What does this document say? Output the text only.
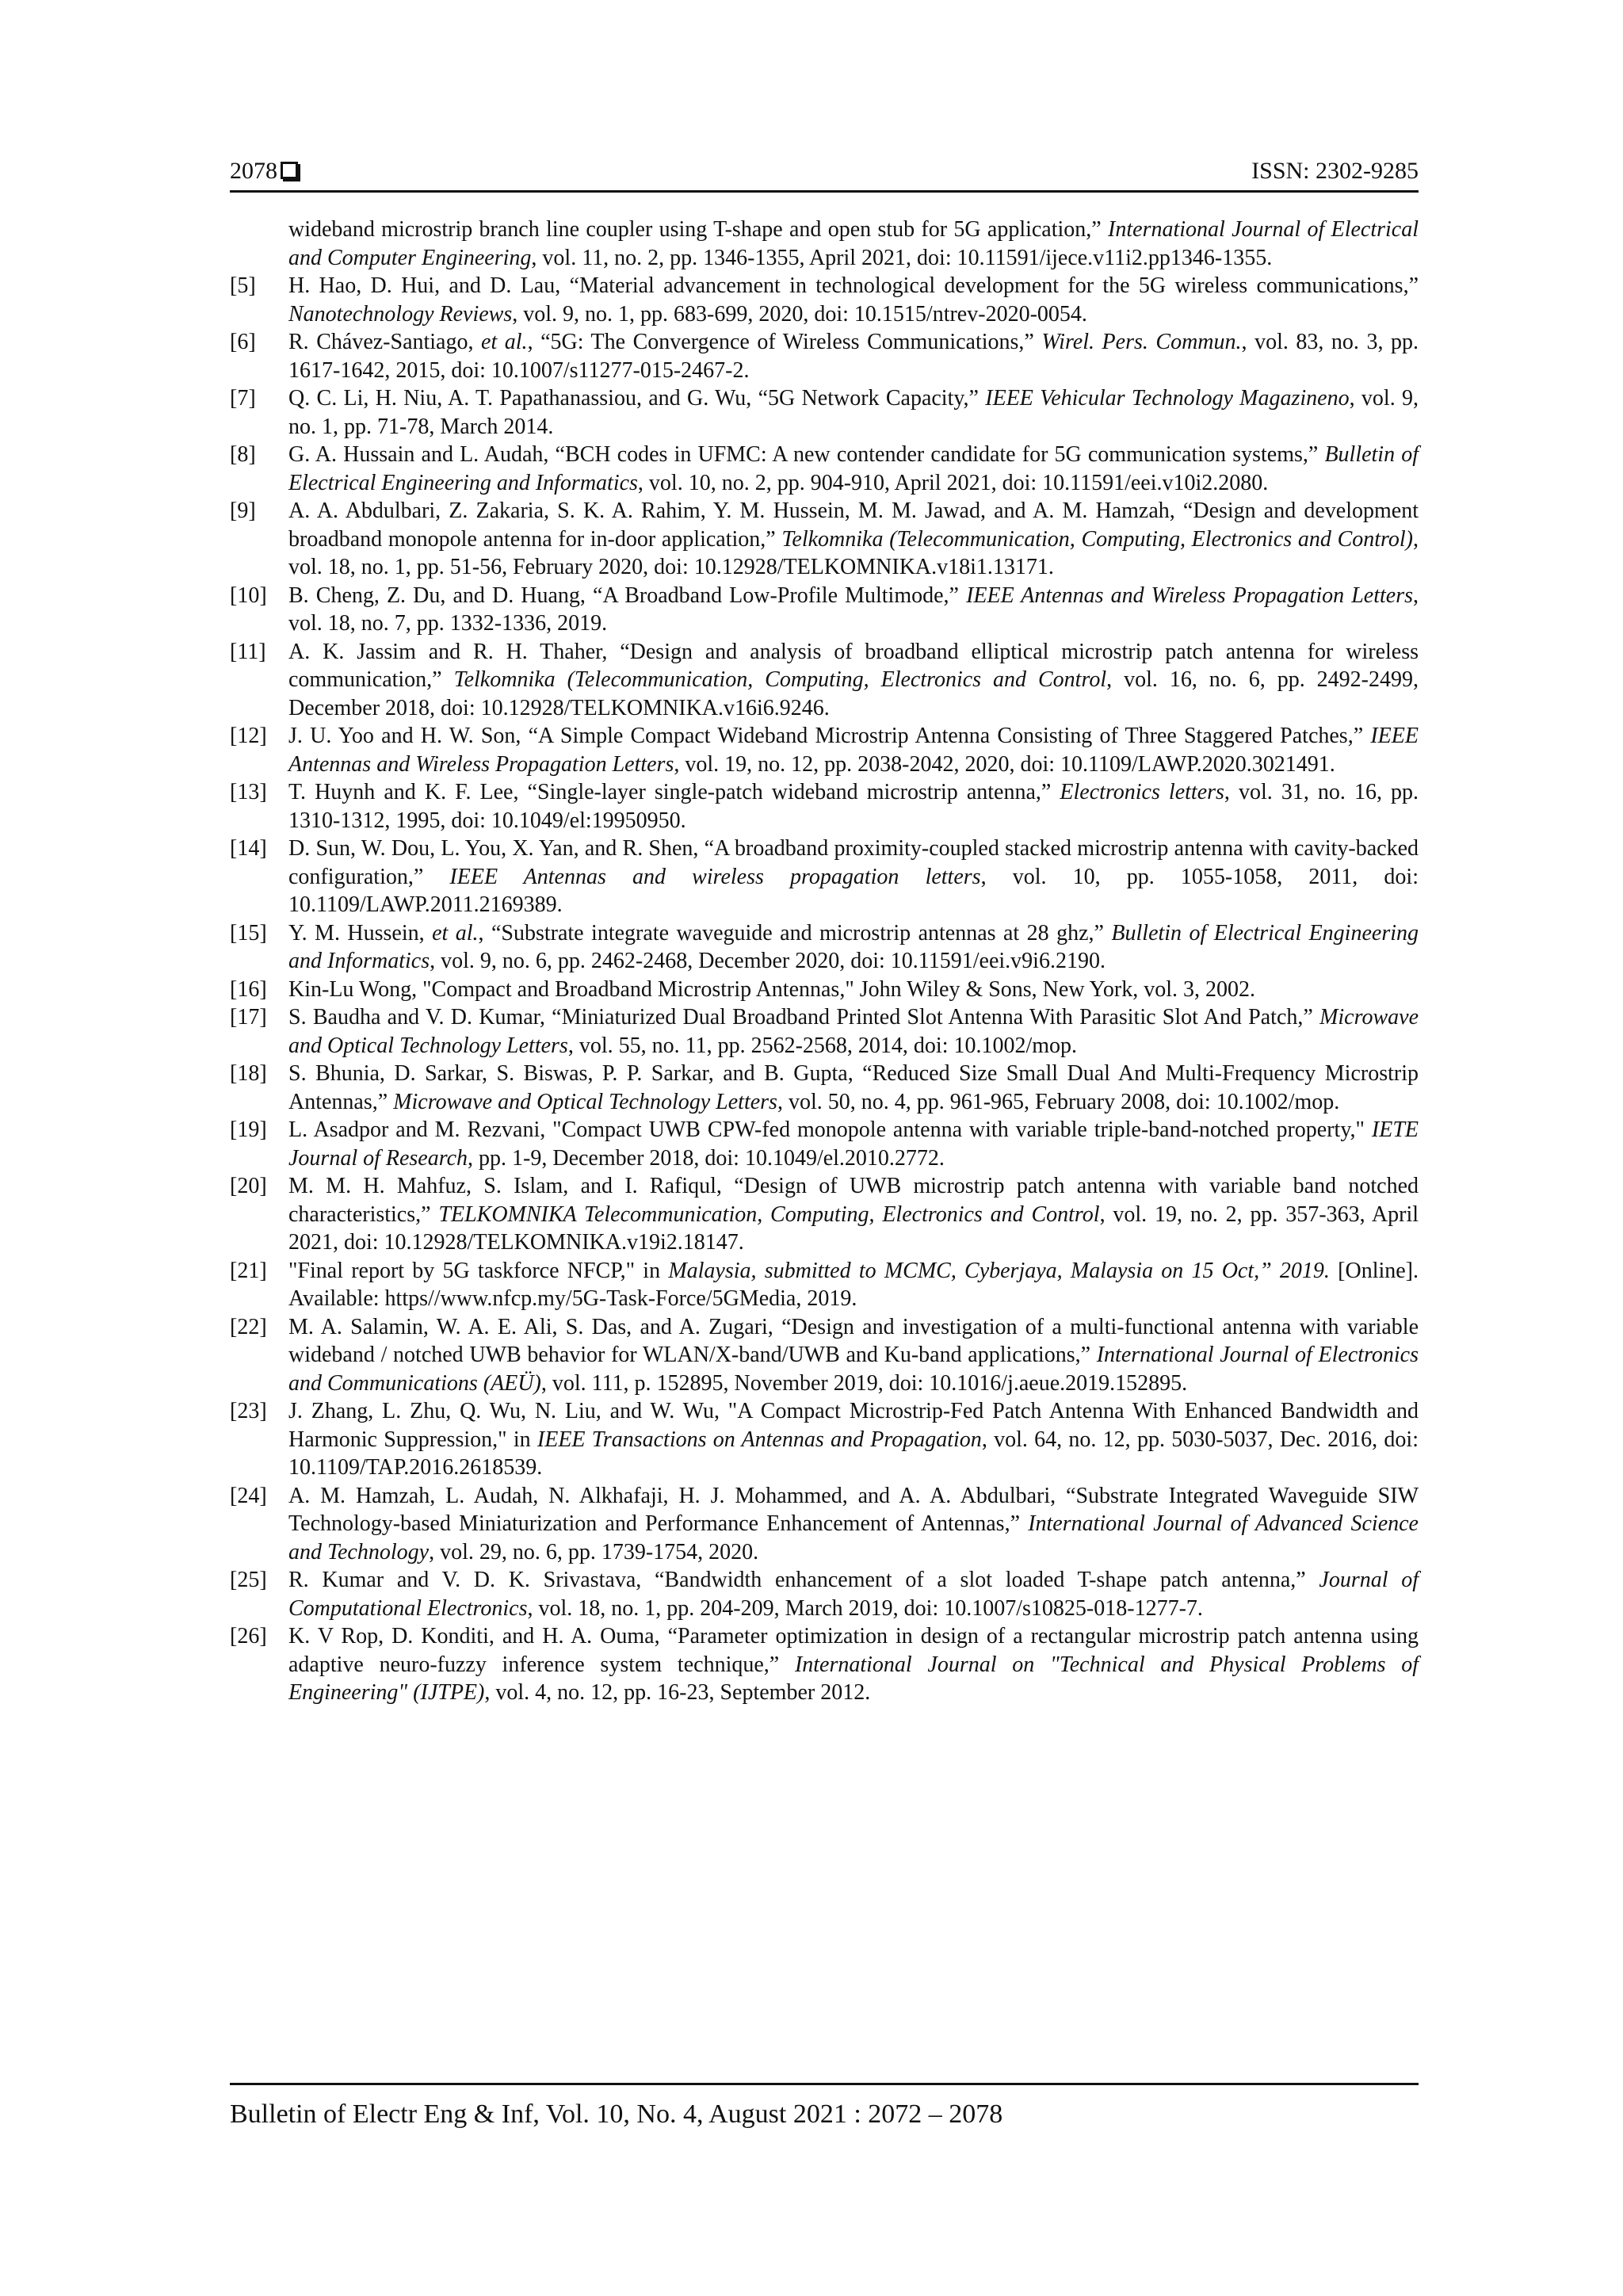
2078	ISSN: 2302-9285
wideband microstrip branch line coupler using T-shape and open stub for 5G application,” International Journal of Electrical and Computer Engineering, vol. 11, no. 2, pp. 1346-1355, April 2021, doi: 10.11591/ijece.v11i2.pp1346-1355.
[5]	H. Hao, D. Hui, and D. Lau, “Material advancement in technological development for the 5G wireless communications,” Nanotechnology Reviews, vol. 9, no. 1, pp. 683-699, 2020, doi: 10.1515/ntrev-2020-0054.
[6]	R. Chávez-Santiago, et al., “5G: The Convergence of Wireless Communications,” Wirel. Pers. Commun., vol. 83, no. 3, pp. 1617-1642, 2015, doi: 10.1007/s11277-015-2467-2.
[7]	Q. C. Li, H. Niu, A. T. Papathanassiou, and G. Wu, “5G Network Capacity,” IEEE Vehicular Technology Magazineno, vol. 9, no. 1, pp. 71-78, March 2014.
[8]	G. A. Hussain and L. Audah, “BCH codes in UFMC: A new contender candidate for 5G communication systems,” Bulletin of Electrical Engineering and Informatics, vol. 10, no. 2, pp. 904-910, April 2021, doi: 10.11591/eei.v10i2.2080.
[9]	A. A. Abdulbari, Z. Zakaria, S. K. A. Rahim, Y. M. Hussein, M. M. Jawad, and A. M. Hamzah, “Design and development broadband monopole antenna for in-door application,” Telkomnika (Telecommunication, Computing, Electronics and Control), vol. 18, no. 1, pp. 51-56, February 2020, doi: 10.12928/TELKOMNIKA.v18i1.13171.
[10] B. Cheng, Z. Du, and D. Huang, “A Broadband Low-Profile Multimode,” IEEE Antennas and Wireless Propagation Letters, vol. 18, no. 7, pp. 1332-1336, 2019.
[11]	A. K. Jassim and R. H. Thaher, “Design and analysis of broadband elliptical microstrip patch antenna for wireless communication,” Telkomnika (Telecommunication, Computing, Electronics and Control, vol. 16, no. 6, pp. 2492-2499, December 2018, doi: 10.12928/TELKOMNIKA.v16i6.9246.
[12] J. U. Yoo and H. W. Son, “A Simple Compact Wideband Microstrip Antenna Consisting of Three Staggered Patches,” IEEE Antennas and Wireless Propagation Letters, vol. 19, no. 12, pp. 2038-2042, 2020, doi: 10.1109/LAWP.2020.3021491.
[13] T. Huynh and K. F. Lee, “Single-layer single-patch wideband microstrip antenna,” Electronics letters, vol. 31, no. 16, pp. 1310-1312, 1995, doi: 10.1049/el:19950950.
[14] D. Sun, W. Dou, L. You, X. Yan, and R. Shen, “A broadband proximity-coupled stacked microstrip antenna with cavity-backed configuration,” IEEE Antennas and wireless propagation letters, vol. 10, pp. 1055-1058, 2011, doi: 10.1109/LAWP.2011.2169389.
[15] Y. M. Hussein, et al., “Substrate integrate waveguide and microstrip antennas at 28 ghz,” Bulletin of Electrical Engineering and Informatics, vol. 9, no. 6, pp. 2462-2468, December 2020, doi: 10.11591/eei.v9i6.2190.
[16] Kin-Lu Wong, "Compact and Broadband Microstrip Antennas," John Wiley & Sons, New York, vol. 3, 2002.
[17] S. Baudha and V. D. Kumar, “Miniaturized Dual Broadband Printed Slot Antenna With Parasitic Slot And Patch,” Microwave and Optical Technology Letters, vol. 55, no. 11, pp. 2562-2568, 2014, doi: 10.1002/mop.
[18] S. Bhunia, D. Sarkar, S. Biswas, P. P. Sarkar, and B. Gupta, “Reduced Size Small Dual And Multi-Frequency Microstrip Antennas,” Microwave and Optical Technology Letters, vol. 50, no. 4, pp. 961-965, February 2008, doi: 10.1002/mop.
[19] L. Asadpor and M. Rezvani, "Compact UWB CPW-fed monopole antenna with variable triple-band-notched property," IETE Journal of Research, pp. 1-9, December 2018, doi: 10.1049/el.2010.2772.
[20] M. M. H. Mahfuz, S. Islam, and I. Rafiqul, “Design of UWB microstrip patch antenna with variable band notched characteristics,” TELKOMNIKA Telecommunication, Computing, Electronics and Control, vol. 19, no. 2, pp. 357-363, April 2021, doi: 10.12928/TELKOMNIKA.v19i2.18147.
[21] "Final report by 5G taskforce NFCP," in Malaysia, submitted to MCMC, Cyberjaya, Malaysia on 15 Oct,” 2019. [Online]. Available: https//www.nfcp.my/5G-Task-Force/5GMedia, 2019.
[22] M. A. Salamin, W. A. E. Ali, S. Das, and A. Zugari, “Design and investigation of a multi-functional antenna with variable wideband / notched UWB behavior for WLAN/X-band/UWB and Ku-band applications,” International Journal of Electronics and Communications (AEÜ), vol. 111, p. 152895, November 2019, doi: 10.1016/j.aeue.2019.152895.
[23] J. Zhang, L. Zhu, Q. Wu, N. Liu, and W. Wu, "A Compact Microstrip-Fed Patch Antenna With Enhanced Bandwidth and Harmonic Suppression," in IEEE Transactions on Antennas and Propagation, vol. 64, no. 12, pp. 5030-5037, Dec. 2016, doi: 10.1109/TAP.2016.2618539.
[24] A. M. Hamzah, L. Audah, N. Alkhafaji, H. J. Mohammed, and A. A. Abdulbari, “Substrate Integrated Waveguide SIW Technology-based Miniaturization and Performance Enhancement of Antennas,” International Journal of Advanced Science and Technology, vol. 29, no. 6, pp. 1739-1754, 2020.
[25] R. Kumar and V. D. K. Srivastava, “Bandwidth enhancement of a slot loaded T-shape patch antenna,” Journal of Computational Electronics, vol. 18, no. 1, pp. 204-209, March 2019, doi: 10.1007/s10825-018-1277-7.
[26] K. V Rop, D. Konditi, and H. A. Ouma, “Parameter optimization in design of a rectangular microstrip patch antenna using adaptive neuro-fuzzy inference system technique,” International Journal on "Technical and Physical Problems of Engineering" (IJTPE), vol. 4, no. 12, pp. 16-23, September 2012.
Bulletin of Electr Eng & Inf, Vol. 10, No. 4, August 2021 : 2072 – 2078
